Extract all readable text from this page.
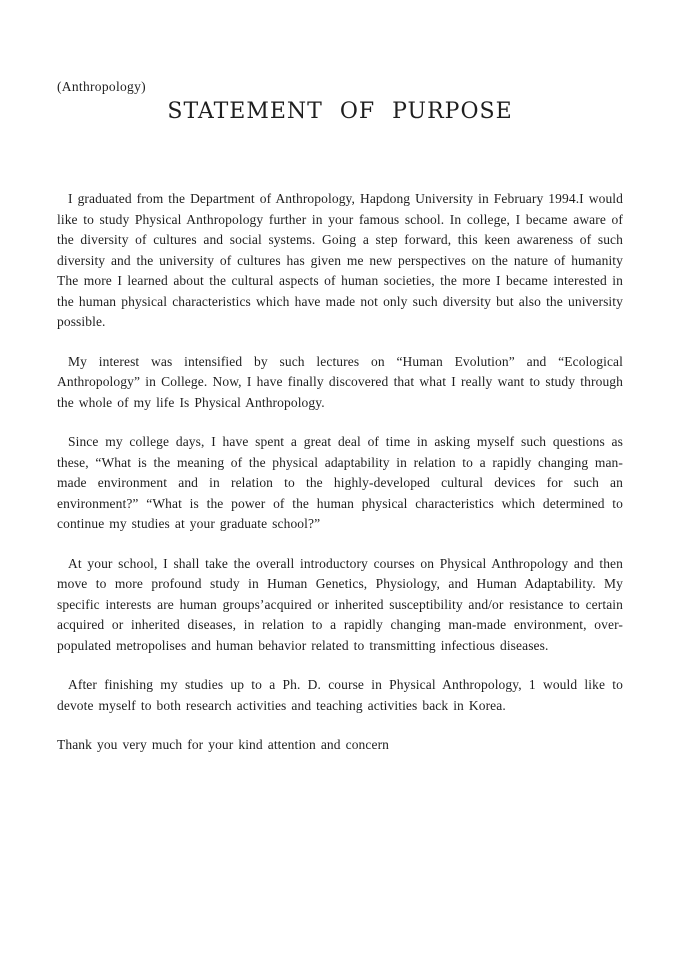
(Anthropology)
STATEMENT OF PURPOSE

I graduated from the Department of Anthropology, Hapdong University in February 1994.I would like to study Physical Anthropology further in your famous school. In college, I became aware of the diversity of cultures and social systems. Going a step forward, this keen awareness of such diversity and the university of cultures has given me new perspectives on the nature of humanity The more I learned about the cultural aspects of human societies, the more I became interested in the human physical characteristics which have made not only such diversity but also the university possible.

My interest was intensified by such lectures on “Human Evolution” and “Ecological Anthropology” in College. Now, I have finally discovered that what I really want to study through the whole of my life Is Physical Anthropology.

Since my college days, I have spent a great deal of time in asking myself such questions as these, “What is the meaning of the physical adaptability in relation to a rapidly changing man-made environment and in relation to the highly-developed cultural devices for such an environment?” “What is the power of the human physical characteristics which determined to continue my studies at your graduate school?”

At your school, I shall take the overall introductory courses on Physical Anthropology and then move to more profound study in Human Genetics, Physiology, and Human Adaptability. My specific interests are human groups’acquired or inherited susceptibility and/or resistance to certain acquired or inherited diseases, in relation to a rapidly changing man-made environment, over-populated metropolises and human behavior related to transmitting infectious diseases.

After finishing my studies up to a Ph. D. course in Physical Anthropology, 1 would like to devote myself to both research activities and teaching activities back in Korea.

Thank you very much for your kind attention and concern
